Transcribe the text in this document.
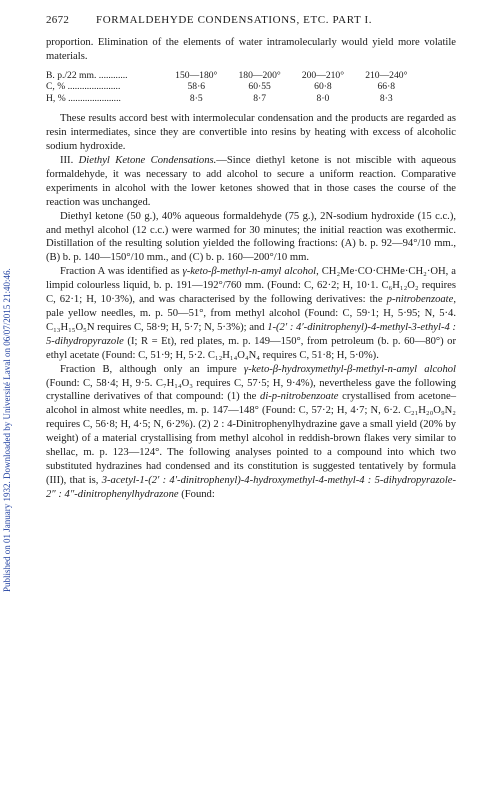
2672 FORMALDEHYDE CONDENSATIONS, ETC. PART I.
Published on 01 January 1932. Downloaded by Université Laval on 06/07/2015 21:40:46.

proportion. Elimination of the elements of water intramolecularly would yield more volatile materials.

B. p./22 mm. ............	150—180°	180—200°	200—210°	210—240°
C, % ......................	58·6	60·55	60·8	66·8
H, % ......................	8·5	8·7	8·0	8·3

These results accord best with intermolecular condensation and the products are regarded as resin intermediates, since they are convertible into resins by heating with excess of alcoholic sodium hydroxide.

III. Diethyl Ketone Condensations.—Since diethyl ketone is not miscible with aqueous formaldehyde, it was necessary to add alcohol to secure a uniform reaction. Comparative experiments in alcohol with the lower ketones showed that in those cases the course of the reaction was unchanged.

Diethyl ketone (50 g.), 40% aqueous formaldehyde (75 g.), 2N-sodium hydroxide (15 c.c.), and methyl alcohol (12 c.c.) were warmed for 30 minutes; the initial reaction was exothermic. Distillation of the resulting solution yielded the following fractions: (A) b. p. 92—94°/10 mm., (B) b. p. 140—150°/10 mm., and (C) b. p. 160—200°/10 mm.

Fraction A was identified as γ-keto-β-methyl-n-amyl alcohol, CH₂Me·CO·CHMe·CH₂·OH, a limpid colourless liquid, b. p. 191—192°/760 mm. (Found: C, 62·2; H, 10·1. C₆H₁₂O₂ requires C, 62·1; H, 10·3%), and was characterised by the following derivatives: the p-nitrobenzoate, pale yellow needles, m. p. 50—51°, from methyl alcohol (Found: C, 59·1; H, 5·95; N, 5·4. C₁₃H₁₅O₅N requires C, 58·9; H, 5·7; N, 5·3%); and 1-(2′ : 4′-dinitrophenyl)-4-methyl-3-ethyl-4 : 5-dihydropyrazole (I; R = Et), red plates, m. p. 149—150°, from petroleum (b. p. 60—80°) or ethyl acetate (Found: C, 51·9; H, 5·2. C₁₂H₁₄O₄N₄ requires C, 51·8; H, 5·0%).

Fraction B, although only an impure γ-keto-β-hydroxymethyl-β-methyl-n-amyl alcohol (Found: C, 58·4; H, 9·5. C₇H₁₄O₃ requires C, 57·5; H, 9·4%), nevertheless gave the following crystalline derivatives of that compound: (1) the di-p-nitrobenzoate crystallised from acetone–alcohol in almost white needles, m. p. 147—148° (Found: C, 57·2; H, 4·7; N, 6·2. C₂₁H₂₀O₉N₂ requires C, 56·8; H, 4·5; N, 6·2%). (2) 2 : 4-Dinitrophenylhydrazine gave a small yield (20% by weight) of a material crystallising from methyl alcohol in reddish-brown flakes very similar to shellac, m. p. 123—124°. The following analyses pointed to a compound into which two substituted hydrazines had condensed and its constitution is suggested tentatively by formula (III), that is, 3-acetyl-1-(2′ : 4′-dinitrophenyl)-4-hydroxymethyl-4-methyl-4 : 5-dihydropyrazole-2″ : 4″-dinitrophenylhydrazone (Found:
